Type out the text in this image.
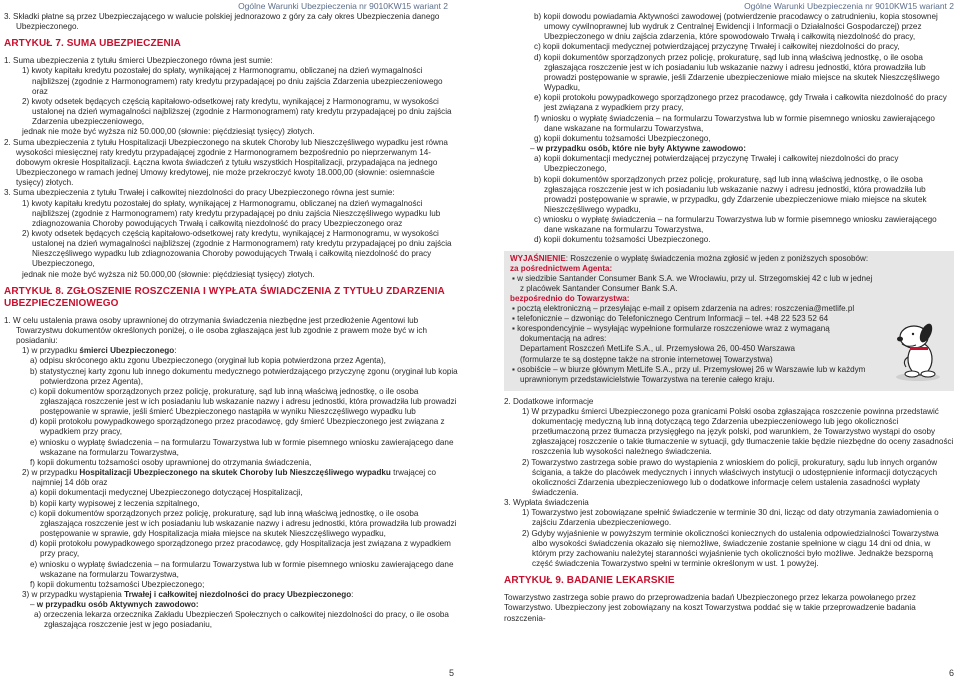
Ogólne Warunki Ubezpieczenia nr 9010KW15 wariant 2

3. Składki płatne są przez Ubezpieczającego w walucie polskiej jednorazowo z góry za cały okres Ubezpieczenia danego Ubezpieczonego.

ARTYKUŁ 7. SUMA UBEZPIECZENIA

1. Suma ubezpieczenia z tytułu śmierci Ubezpieczonego równa jest sumie:

1) kwoty kapitału kredytu pozostałej do spłaty, wynikającej z Harmonogramu, obliczanej na dzień wymagalności najbliższej (zgodnie z Harmonogramem) raty kredytu przypadającej po dniu zajścia Zdarzenia ubezpieczeniowego oraz

2) kwoty odsetek będących częścią kapitałowo-odsetkowej raty kredytu, wynikającej z Harmonogramu, w wysokości ustalonej na dzień wymagalności najbliższej (zgodnie z Harmonogramem) raty kredytu przypadającej po dniu zajścia Zdarzenia ubezpieczeniowego,

jednak nie może być wyższa niż 50.000,00 (słownie: pięćdziesiąt tysięcy) złotych.

2. Suma ubezpieczenia z tytułu Hospitalizacji Ubezpieczonego na skutek Choroby lub Nieszczęśliwego wypadku jest równa wysokości miesięcznej raty kredytu przypadającej zgodnie z Harmonogramem bezpośrednio po nieprzerwanym 14-dobowym okresie Hospitalizacji. Łączna kwota świadczeń z tytułu wszystkich Hospitalizacji, przypadająca na jednego Ubezpieczonego w ramach jednej Umowy kredytowej, nie może przekroczyć kwoty 18.000,00 (słownie: osiemnaście tysięcy) złotych.

3. Suma ubezpieczenia z tytułu Trwałej i całkowitej niezdolności do pracy Ubezpieczonego równa jest sumie:

1) kwoty kapitału kredytu pozostałej do spłaty, wynikającej z Harmonogramu, obliczanej na dzień wymagalności najbliższej (zgodnie z Harmonogramem) raty kredytu przypadającej po dniu zajścia Nieszczęśliwego wypadku lub zdiagnozowania Choroby powodujących Trwałą i całkowitą niezdolność do pracy Ubezpieczonego oraz

2) kwoty odsetek będących częścią kapitałowo-odsetkowej raty kredytu, wynikającej z Harmonogramu, w wysokości ustalonej na dzień wymagalności najbliższej (zgodnie z Harmonogramem) raty kredytu przypadającej po dniu zajścia Nieszczęśliwego wypadku lub zdiagnozowania Choroby powodujących Trwałą i całkowitą niezdolność do pracy Ubezpieczonego,

jednak nie może być wyższa niż 50.000,00 (słownie: pięćdziesiąt tysięcy) złotych.

ARTYKUŁ 8. ZGŁOSZENIE ROSZCZENIA I WYPŁATA ŚWIADCZENIA Z TYTUŁU ZDARZENIA UBEZPIECZENIOWEGO

1. W celu ustalenia prawa osoby uprawnionej do otrzymania świadczenia niezbędne jest przedłożenie Agentowi lub Towarzystwu dokumentów określonych poniżej, o ile osoba zgłaszająca jest lub zgodnie z prawem może być w ich posiadaniu:

1) w przypadku śmierci Ubezpieczonego:

a) odpisu skróconego aktu zgonu Ubezpieczonego (oryginał lub kopia potwierdzona przez Agenta),

b) statystycznej karty zgonu lub innego dokumentu medycznego potwierdzającego przyczynę zgonu (oryginał lub kopia potwierdzona przez Agenta),

c) kopii dokumentów sporządzonych przez policję, prokuraturę, sąd lub inną właściwą jednostkę, o ile osoba zgłaszająca roszczenie jest w ich posiadaniu lub wskazanie nazwy i adresu jednostki, która prowadziła lub prowadzi postępowanie w sprawie, jeśli śmierć Ubezpieczonego nastąpiła w wyniku Nieszczęśliwego wypadku lub

d) kopii protokołu powypadkowego sporządzonego przez pracodawcę, gdy śmierć Ubezpieczonego jest związana z wypadkiem przy pracy,

e) wniosku o wypłatę świadczenia – na formularzu Towarzystwa lub w formie pisemnego wniosku zawierającego dane wskazane na formularzu Towarzystwa,

f) kopii dokumentu tożsamości osoby uprawnionej do otrzymania świadczenia,

2) w przypadku Hospitalizacji Ubezpieczonego na skutek Choroby lub Nieszczęśliwego wypadku trwającej co najmniej 14 dób oraz

a) kopii dokumentacji medycznej Ubezpieczonego dotyczącej Hospitalizacji,

b) kopii karty wypisowej z leczenia szpitalnego,

c) kopii dokumentów sporządzonych przez policję, prokuraturę, sąd lub inną właściwą jednostkę, o ile osoba zgłaszająca roszczenie jest w ich posiadaniu lub wskazanie nazwy i adresu jednostki, która prowadziła lub prowadzi postępowanie w sprawie, gdy Hospitalizacja miała miejsce na skutek Nieszczęśliwego wypadku,

d) kopii protokołu powypadkowego sporządzonego przez pracodawcę, gdy Hospitalizacja jest związana z wypadkiem przy pracy,

e) wniosku o wypłatę świadczenia – na formularzu Towarzystwa lub w formie pisemnego wniosku zawierającego dane wskazane na formularzu Towarzystwa,

f) kopii dokumentu tożsamości Ubezpieczonego;

3) w przypadku wystąpienia Trwałej i całkowitej niezdolności do pracy Ubezpieczonego:

– w przypadku osób Aktywnych zawodowo:

a) orzeczenia lekarza orzecznika Zakładu Ubezpieczeń Społecznych o całkowitej niezdolności do pracy, o ile osoba zgłaszająca roszczenie jest w jego posiadaniu,

5
Ogólne Warunki Ubezpieczenia nr 9010KW15 wariant 2

b) kopii dowodu powiadamia Aktywności zawodowej (potwierdzenie pracodawcy o zatrudnieniu, kopia stosownej umowy cywilnoprawnej lub wydruk z Centralnej Ewidencji i Informacji o Działalności Gospodarczej) przez Ubezpieczonego w dniu zajścia zdarzenia, które spowodowało Trwałą i całkowitą niezdolność do pracy,

c) kopii dokumentacji medycznej potwierdzającej przyczynę Trwałej i całkowitej niezdolności do pracy,

d) kopii dokumentów sporządzonych przez policję, prokuraturę, sąd lub inną właściwą jednostkę, o ile osoba zgłaszająca roszczenie jest w ich posiadaniu lub wskazanie nazwy i adresu jednostki, która prowadziła lub prowadzi postępowanie w sprawie, jeśli Zdarzenie ubezpieczeniowe miało miejsce na skutek Nieszczęśliwego Wypadku,

e) kopii protokołu powypadkowego sporządzonego przez pracodawcę, gdy Trwała i całkowita niezdolność do pracy jest związana z wypadkiem przy pracy,

f) wniosku o wypłatę świadczenia – na formularzu Towarzystwa lub w formie pisemnego wniosku zawierającego dane wskazane na formularzu Towarzystwa,

g) kopii dokumentu tożsamości Ubezpieczonego,

– w przypadku osób, które nie były Aktywne zawodowo:

a) kopii dokumentacji medycznej potwierdzającej przyczynę Trwałej i całkowitej niezdolności do pracy Ubezpieczonego,

b) kopii dokumentów sporządzonych przez policję, prokuraturę, sąd lub inną właściwą jednostkę, o ile osoba zgłaszająca roszczenie jest w ich posiadaniu lub wskazanie nazwy i adresu jednostki, która prowadziła lub prowadzi postępowanie w sprawie, w przypadku, gdy Zdarzenie ubezpieczeniowe miało miejsce na skutek Nieszczęśliwego wypadku,

c) wniosku o wypłatę świadczenia – na formularzu Towarzystwa lub w formie pisemnego wniosku zawierającego dane wskazane na formularzu Towarzystwa,

d) kopii dokumentu tożsamości Ubezpieczonego.

WYJAŚNIENIE: Roszczenie o wypłatę świadczenia można zgłosić w jeden z poniższych sposobów:
za pośrednictwem Agenta:
▪ w siedzibie Santander Consumer Bank S.A. we Wrocławiu, przy ul. Strzegomskiej 42 c lub w jednej
z placówek Santander Consumer Bank S.A.
bezpośrednio do Towarzystwa:
▪ pocztą elektroniczną – przesyłając e-mail z opisem zdarzenia na adres: roszczenia@metlife.pl
▪ telefonicznie – dzwoniąc do Telefonicznego Centrum Informacji – tel. +48 22 523 52 64
▪ korespondencyjnie – wysyłając wypełnione formularze roszczeniowe wraz z wymaganą
dokumentacją na adres:
Departament Roszczeń MetLife S.A., ul. Przemysłowa 26, 00-450 Warszawa
(formularze te są dostępne także na stronie internetowej Towarzystwa)
▪ osobiście – w biurze głównym MetLife S.A., przy ul. Przemysłowej 26 w Warszawie lub w każdym
uprawnionym przedstawicielstwie Towarzystwa na terenie całego kraju.

2. Dodatkowe informacje

1) W przypadku śmierci Ubezpieczonego poza granicami Polski osoba zgłaszająca roszczenie powinna przedstawić dokumentację medyczną lub inną dotyczącą tego Zdarzenia ubezpieczeniowego lub jego okoliczności przetłumaczoną przez tłumacza przysięgłego na język polski, pod warunkiem, że Towarzystwo wystąpi do osoby zgłaszającej roszczenie o takie tłumaczenie w sytuacji, gdy tłumaczenie takie będzie niezbędne do oceny zasadności roszczenia lub wysokości należnego świadczenia.

2) Towarzystwo zastrzega sobie prawo do wystąpienia z wnioskiem do policji, prokuratury, sądu lub innych organów ścigania, a także do placówek medycznych i innych właściwych instytucji o udostępnienie informacji dotyczących okoliczności Zdarzenia ubezpieczeniowego lub o dodatkowe informacje celem ustalenia zasadności wypłaty świadczenia.

3. Wypłata świadczenia

1) Towarzystwo jest zobowiązane spełnić świadczenie w terminie 30 dni, licząc od daty otrzymania zawiadomienia o zajściu Zdarzenia ubezpieczeniowego.

2) Gdyby wyjaśnienie w powyższym terminie okoliczności koniecznych do ustalenia odpowiedzialności Towarzystwa albo wysokości świadczenia okazało się niemożliwe, świadczenie zostanie spełnione w ciągu 14 dni od dnia, w którym przy zachowaniu należytej staranności wyjaśnienie tych okoliczności było możliwe. Jednakże bezsporną część świadczenia Towarzystwo spełni w terminie określonym w ust. 1 powyżej.

ARTYKUŁ 9. BADANIE LEKARSKIE

Towarzystwo zastrzega sobie prawo do przeprowadzenia badań Ubezpieczonego przez lekarza powołanego przez Towarzystwo. Ubezpieczony jest zobowiązany na koszt Towarzystwa poddać się w takie przeprowadzenie badania roszczenia-

6
